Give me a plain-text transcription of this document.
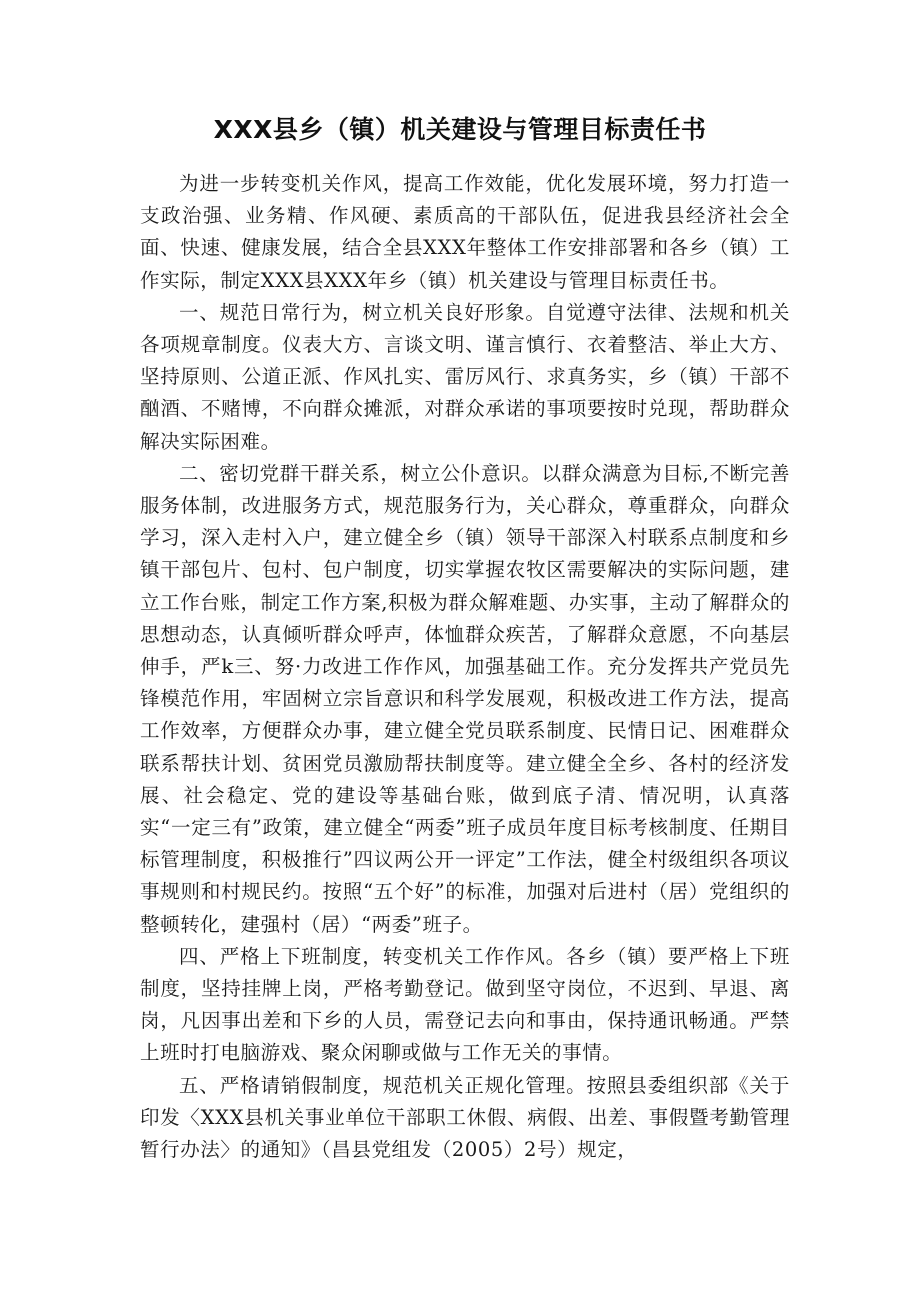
XXX县乡（镇）机关建设与管理目标责任书

为进一步转变机关作风，提高工作效能，优化发展环境，努力打造一支政治强、业务精、作风硬、素质高的干部队伍，促进我县经济社会全面、快速、健康发展，结合全县XXX年整体工作安排部署和各乡（镇）工作实际，制定XXX县XXX年乡（镇）机关建设与管理目标责任书。

一、规范日常行为，树立机关良好形象。自觉遵守法律、法规和机关各项规章制度。仪表大方、言谈文明、谨言慎行、衣着整洁、举止大方、坚持原则、公道正派、作风扎实、雷厉风行、求真务实，乡（镇）干部不酗酒、不赌博，不向群众摊派，对群众承诺的事项要按时兑现，帮助群众解决实际困难。

二、密切党群干群关系，树立公仆意识。以群众满意为目标,不断完善服务体制，改进服务方式，规范服务行为，关心群众，尊重群众，向群众学习，深入走村入户，建立健全乡（镇）领导干部深入村联系点制度和乡镇干部包片、包村、包户制度，切实掌握农牧区需要解决的实际问题，建立工作台账，制定工作方案,积极为群众解难题、办实事，主动了解群众的思想动态，认真倾听群众呼声，体恤群众疾苦，了解群众意愿，不向基层伸手，严k三、努·力改进工作作风，加强基础工作。充分发挥共产党员先锋模范作用，牢固树立宗旨意识和科学发展观，积极改进工作方法，提高工作效率，方便群众办事，建立健全党员联系制度、民情日记、困难群众联系帮扶计划、贫困党员激励帮扶制度等。建立健全全乡、各村的经济发展、社会稳定、党的建设等基础台账，做到底子清、情况明，认真落实“一定三有”政策，建立健全“两委”班子成员年度目标考核制度、任期目标管理制度，积极推行”四议两公开一评定”工作法，健全村级组织各项议事规则和村规民约。按照“五个好”的标准，加强对后进村（居）党组织的整顿转化，建强村（居）“两委”班子。

四、严格上下班制度，转变机关工作作风。各乡（镇）要严格上下班制度，坚持挂牌上岗，严格考勤登记。做到坚守岗位，不迟到、早退、离岗，凡因事出差和下乡的人员，需登记去向和事由，保持通讯畅通。严禁上班时打电脑游戏、聚众闲聊或做与工作无关的事情。

五、严格请销假制度，规范机关正规化管理。按照县委组织部《关于印发〈XXX县机关事业单位干部职工休假、病假、出差、事假暨考勤管理暂行办法〉的通知》（昌县党组发（2005）2号）规定，
